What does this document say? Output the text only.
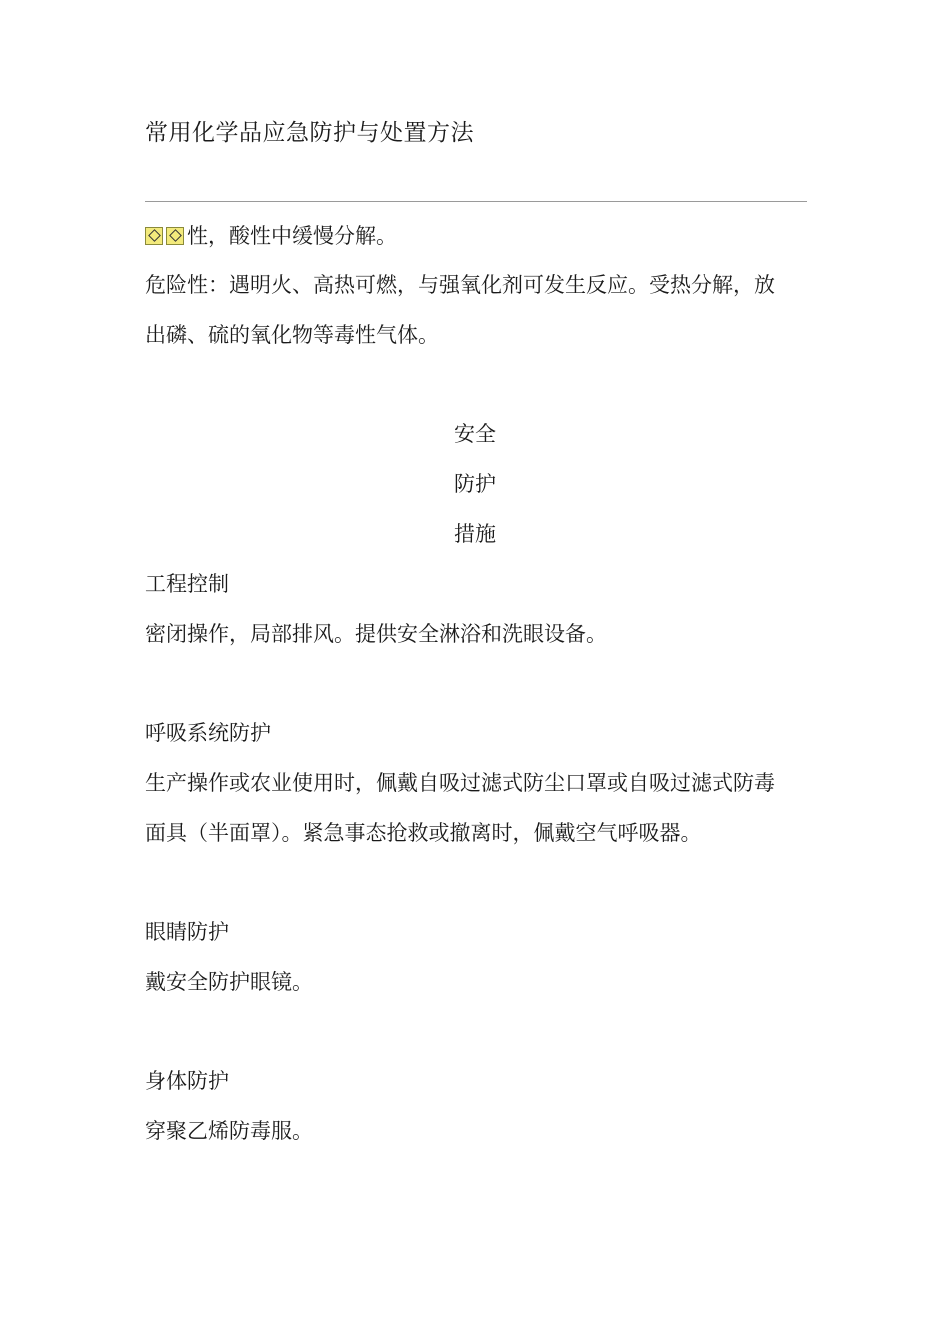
常用化学品应急防护与处置方法
性，酸性中缓慢分解。
危险性：遇明火、高热可燃，与强氧化剂可发生反应。受热分解，放
出磷、硫的氧化物等毒性气体。
安全
防护
措施
工程控制
密闭操作，局部排风。提供安全淋浴和洗眼设备。
呼吸系统防护
生产操作或农业使用时，佩戴自吸过滤式防尘口罩或自吸过滤式防毒
面具（半面罩）。紧急事态抢救或撤离时，佩戴空气呼吸器。
眼睛防护
戴安全防护眼镜。
身体防护
穿聚乙烯防毒服。
